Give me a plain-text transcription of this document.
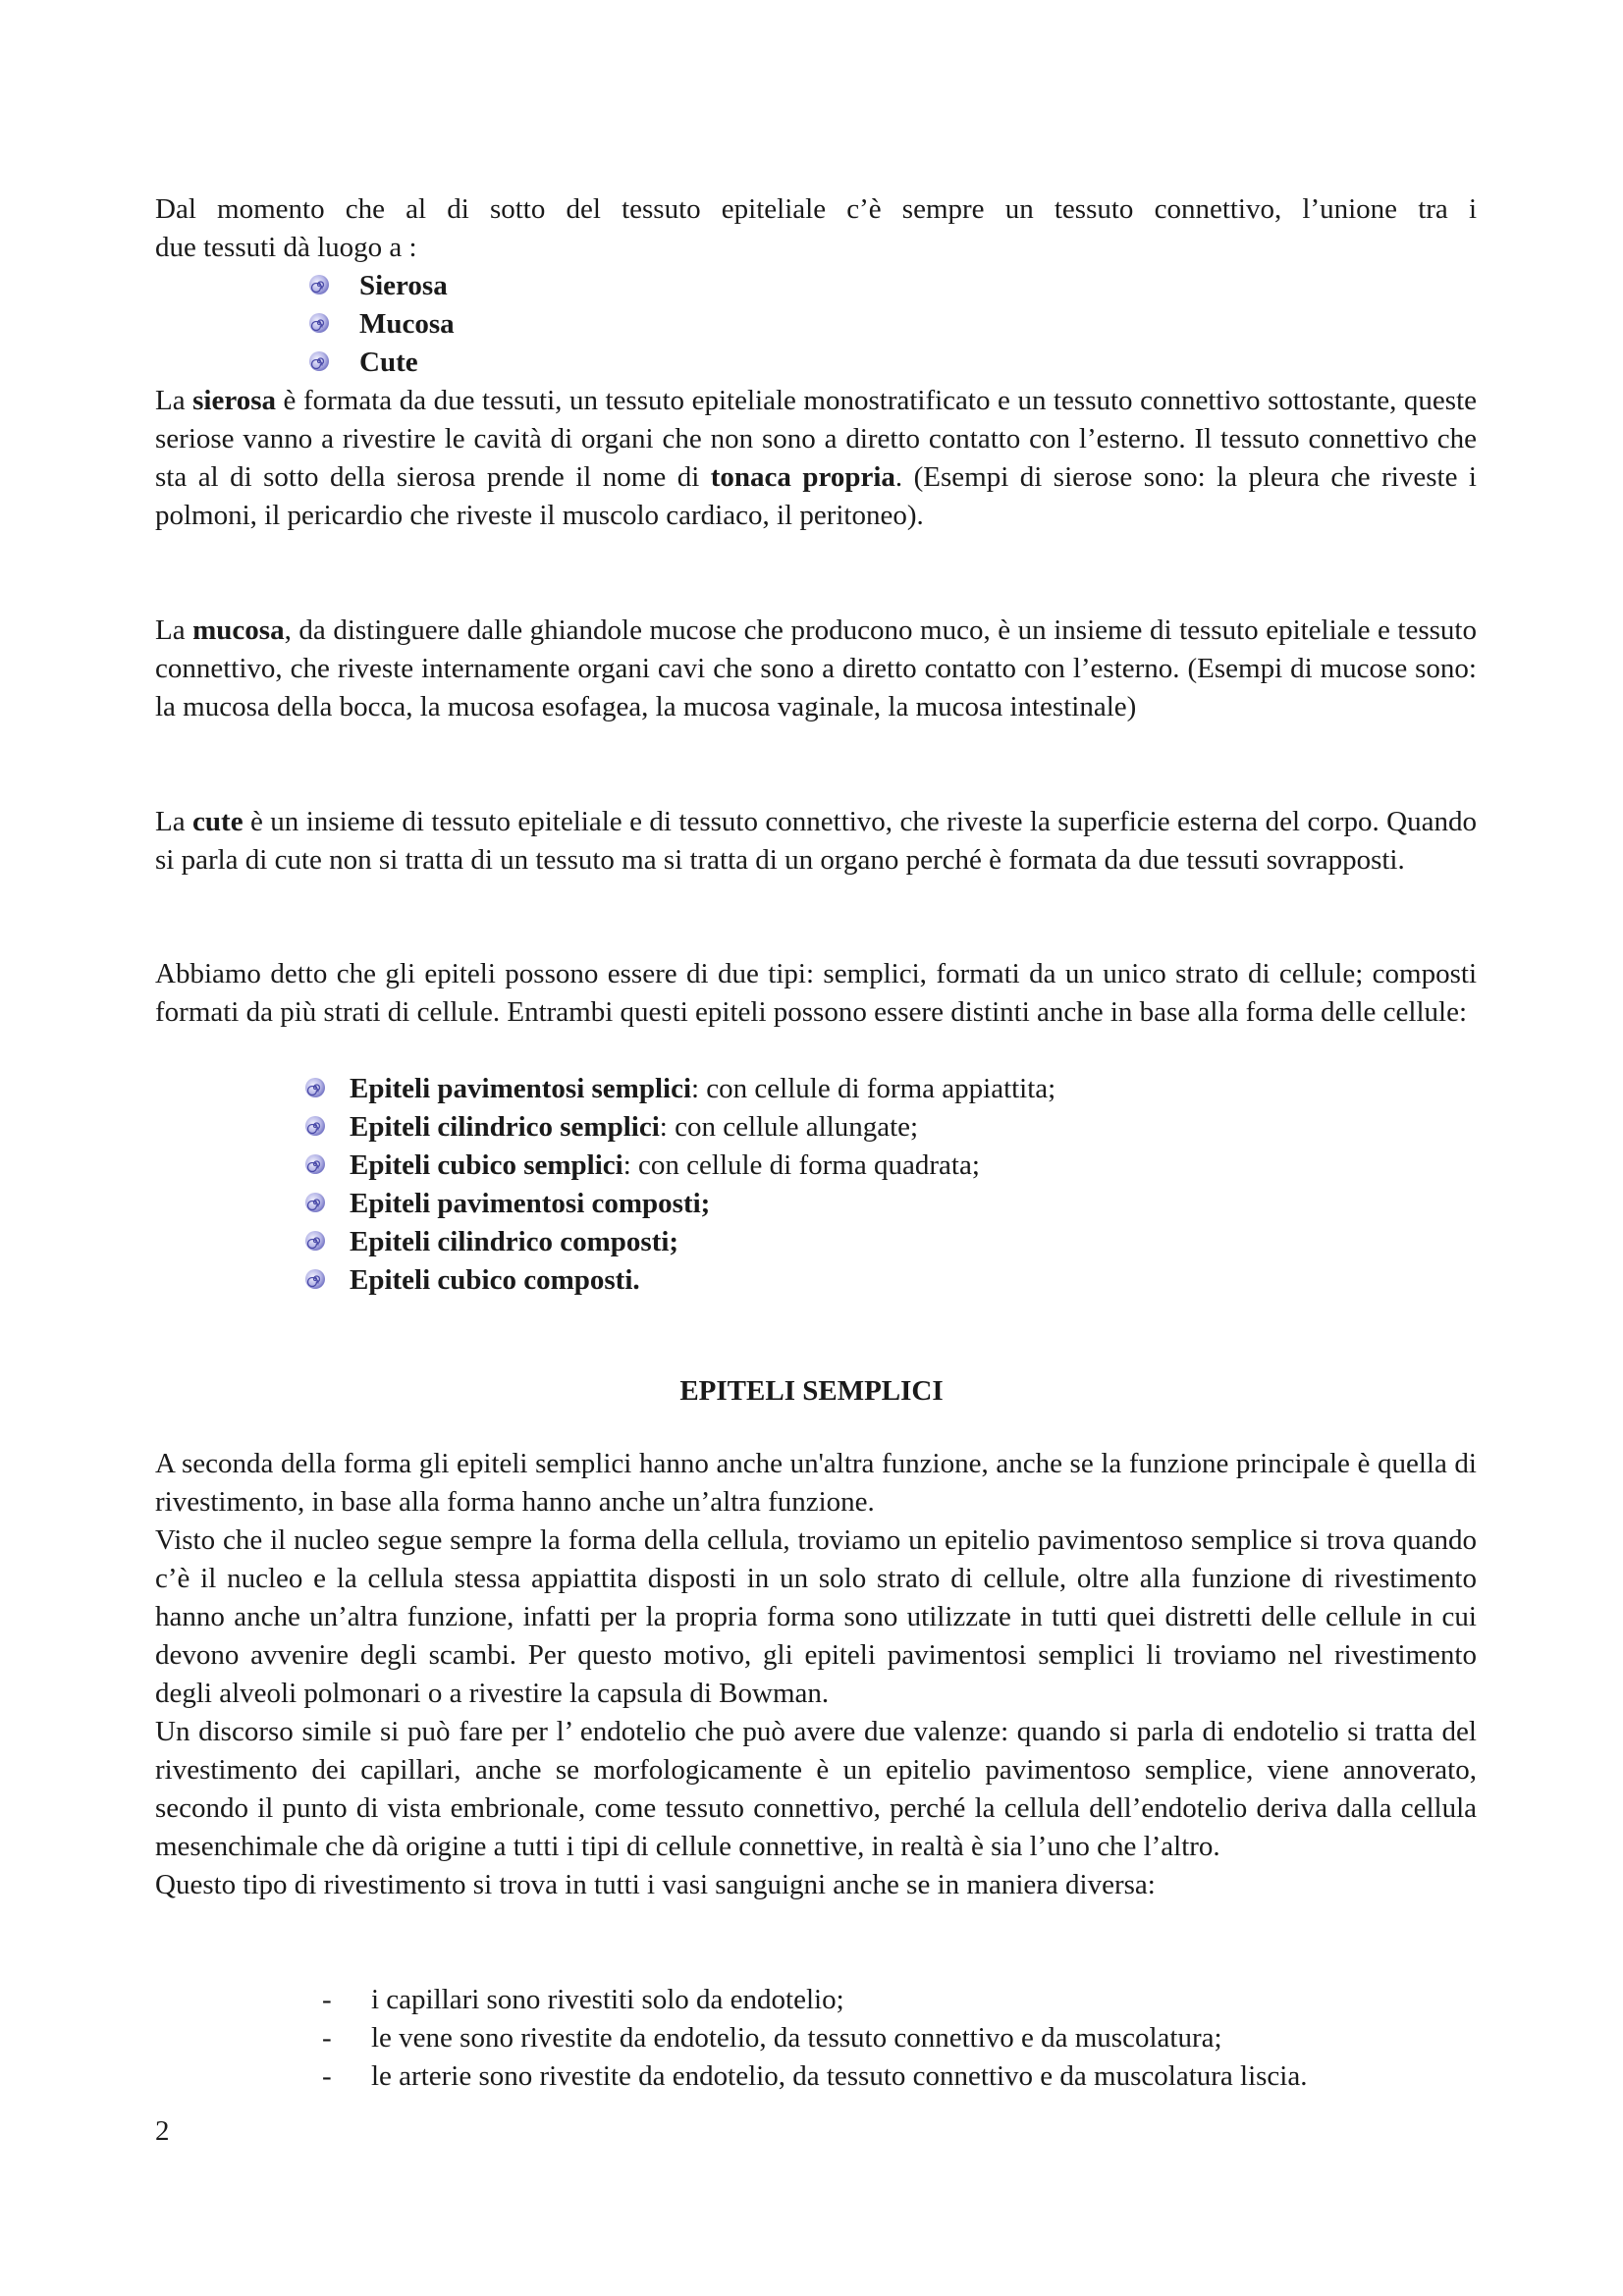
Dal momento che al di sotto del tessuto epiteliale c’è sempre un tessuto connettivo, l’unione tra i
due tessuti dà luogo a :

Sierosa
Mucosa
Cute

La sierosa è formata da due tessuti, un tessuto epiteliale monostratificato e un tessuto connettivo sottostante, queste seriose vanno a rivestire le cavità di organi che non sono a diretto contatto con l’esterno. Il tessuto connettivo che sta al di sotto della sierosa prende il nome di tonaca propria. (Esempi di sierose sono: la pleura che riveste i polmoni, il pericardio che riveste il muscolo cardiaco, il peritoneo).

La mucosa, da distinguere dalle ghiandole mucose che producono muco, è un insieme di tessuto epiteliale e tessuto connettivo, che riveste internamente organi cavi che sono a diretto contatto con l’esterno. (Esempi di mucose sono: la mucosa della bocca, la mucosa esofagea, la mucosa vaginale, la mucosa intestinale)

La cute è un insieme di tessuto epiteliale e di tessuto connettivo, che riveste la superficie esterna del corpo. Quando si parla di cute non si tratta di un tessuto ma si tratta di un organo perché è formata da due tessuti sovrapposti.

Abbiamo detto che gli epiteli possono essere di due tipi: semplici, formati da un unico strato di cellule; composti formati da più strati di cellule. Entrambi questi epiteli possono essere distinti anche in base alla forma delle cellule:

Epiteli pavimentosi semplici: con cellule di forma appiattita;
Epiteli cilindrico semplici: con cellule allungate;
Epiteli cubico semplici: con cellule di forma quadrata;
Epiteli pavimentosi composti;
Epiteli cilindrico composti;
Epiteli cubico composti.
EPITELI SEMPLICI

A seconda della forma gli epiteli semplici hanno anche un'altra funzione, anche se la funzione principale è quella di rivestimento, in base alla forma hanno anche un’altra funzione.

Visto che il nucleo segue sempre la forma della cellula, troviamo un epitelio pavimentoso semplice si trova quando c’è il nucleo e la cellula stessa appiattita disposti in un solo strato di cellule, oltre alla funzione di rivestimento hanno anche un’altra funzione, infatti per la propria forma sono utilizzate in tutti quei distretti delle cellule in cui devono avvenire degli scambi. Per questo motivo, gli epiteli pavimentosi semplici li troviamo nel rivestimento degli alveoli polmonari o a rivestire la capsula di Bowman.

Un discorso simile si può fare per l’ endotelio che può avere due valenze: quando si parla di endotelio si tratta del rivestimento dei capillari, anche se morfologicamente è un epitelio pavimentoso semplice, viene annoverato, secondo il punto di vista embrionale, come tessuto connettivo, perché la cellula dell’endotelio deriva dalla cellula mesenchimale che dà origine a tutti i tipi di cellule connettive, in realtà è sia l’uno che l’altro.

Questo tipo di rivestimento si trova in tutti i vasi sanguigni anche se in maniera diversa:

- i capillari sono rivestiti solo da endotelio;
- le vene sono rivestite da endotelio, da tessuto connettivo e da muscolatura;
- le arterie sono rivestite da endotelio, da tessuto connettivo e da muscolatura liscia.
2
